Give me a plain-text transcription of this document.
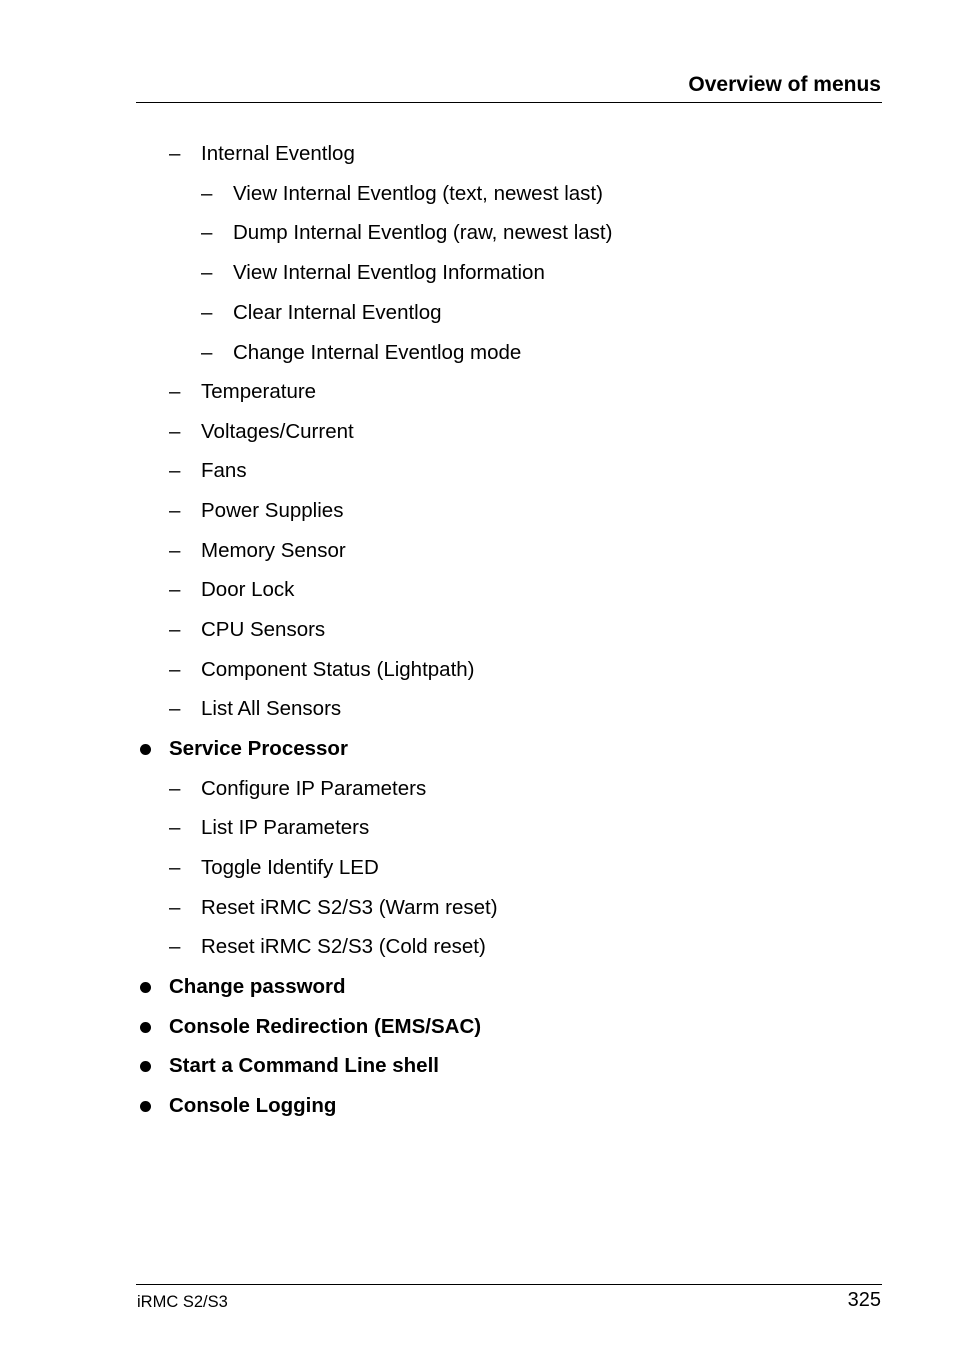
Overview of menus
– Internal Eventlog
– View Internal Eventlog (text, newest last)
– Dump Internal Eventlog (raw, newest last)
– View Internal Eventlog Information
– Clear Internal Eventlog
– Change Internal Eventlog mode
– Temperature
– Voltages/Current
– Fans
– Power Supplies
– Memory Sensor
– Door Lock
– CPU Sensors
– Component Status (Lightpath)
– List All Sensors
Service Processor
– Configure IP Parameters
– List IP Parameters
– Toggle Identify LED
– Reset iRMC S2/S3 (Warm reset)
– Reset iRMC S2/S3 (Cold reset)
Change password
Console Redirection (EMS/SAC)
Start a Command Line shell
Console Logging
iRMC S2/S3	325
